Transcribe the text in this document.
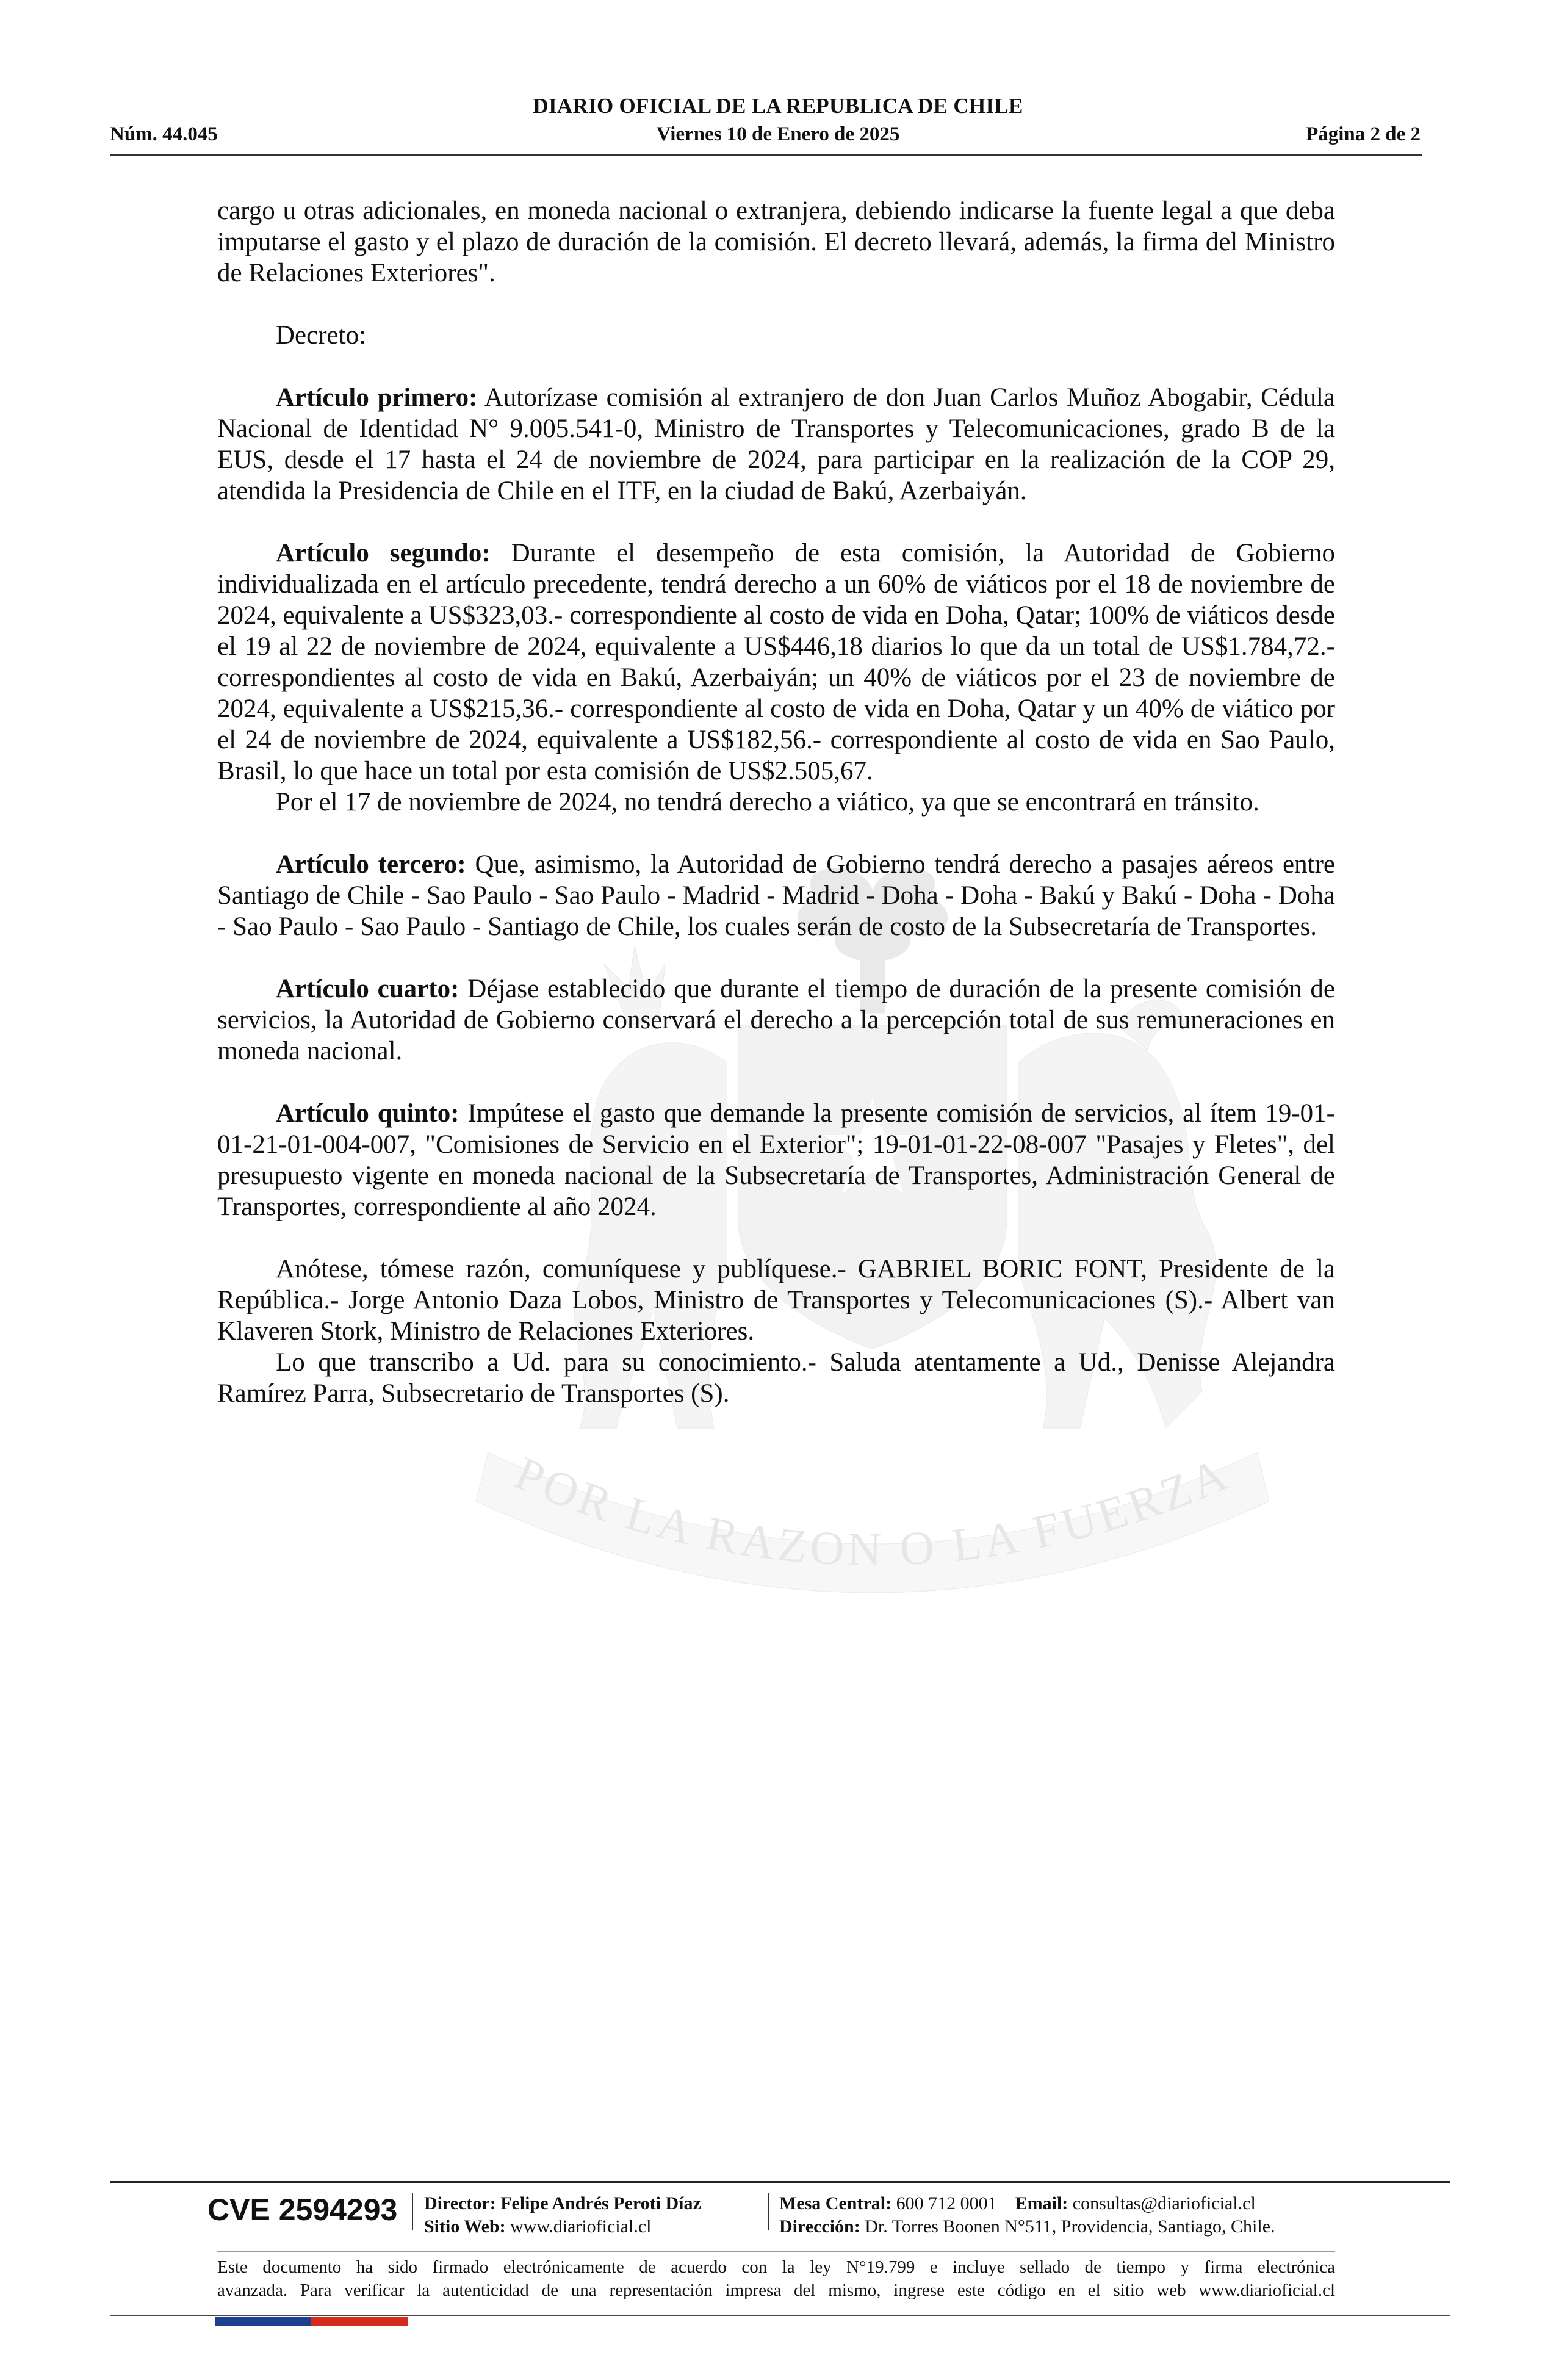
POR LA RAZON O LA FUERZA
DIARIO OFICIAL DE LA REPUBLICA DE CHILE
Núm. 44.045	Viernes 10 de Enero de 2025	Página 2 de 2

cargo u otras adicionales, en moneda nacional o extranjera, debiendo indicarse la fuente legal a que deba imputarse el gasto y el plazo de duración de la comisión. El decreto llevará, además, la firma del Ministro de Relaciones Exteriores".

Decreto:

Artículo primero: Autorízase comisión al extranjero de don Juan Carlos Muñoz Abogabir, Cédula Nacional de Identidad N° 9.005.541-0, Ministro de Transportes y Telecomunicaciones, grado B de la EUS, desde el 17 hasta el 24 de noviembre de 2024, para participar en la realización de la COP 29, atendida la Presidencia de Chile en el ITF, en la ciudad de Bakú, Azerbaiyán.

Artículo segundo: Durante el desempeño de esta comisión, la Autoridad de Gobierno individualizada en el artículo precedente, tendrá derecho a un 60% de viáticos por el 18 de noviembre de 2024, equivalente a US$323,03.- correspondiente al costo de vida en Doha, Qatar; 100% de viáticos desde el 19 al 22 de noviembre de 2024, equivalente a US$446,18 diarios lo que da un total de US$1.784,72.- correspondientes al costo de vida en Bakú, Azerbaiyán; un 40% de viáticos por el 23 de noviembre de 2024, equivalente a US$215,36.- correspondiente al costo de vida en Doha, Qatar y un 40% de viático por el 24 de noviembre de 2024, equivalente a US$182,56.- correspondiente al costo de vida en Sao Paulo, Brasil, lo que hace un total por esta comisión de US$2.505,67.

Por el 17 de noviembre de 2024, no tendrá derecho a viático, ya que se encontrará en tránsito.

Artículo tercero: Que, asimismo, la Autoridad de Gobierno tendrá derecho a pasajes aéreos entre Santiago de Chile - Sao Paulo - Sao Paulo - Madrid - Madrid - Doha - Doha - Bakú y Bakú - Doha - Doha - Sao Paulo - Sao Paulo - Santiago de Chile, los cuales serán de costo de la Subsecretaría de Transportes.

Artículo cuarto: Déjase establecido que durante el tiempo de duración de la presente comisión de servicios, la Autoridad de Gobierno conservará el derecho a la percepción total de sus remuneraciones en moneda nacional.

Artículo quinto: Impútese el gasto que demande la presente comisión de servicios, al ítem 19-01-01-21-01-004-007, "Comisiones de Servicio en el Exterior"; 19-01-01-22-08-007 "Pasajes y Fletes", del presupuesto vigente en moneda nacional de la Subsecretaría de Transportes, Administración General de Transportes, correspondiente al año 2024.

Anótese, tómese razón, comuníquese y publíquese.- GABRIEL BORIC FONT, Presidente de la República.- Jorge Antonio Daza Lobos, Ministro de Transportes y Telecomunicaciones (S).- Albert van Klaveren Stork, Ministro de Relaciones Exteriores.

Lo que transcribo a Ud. para su conocimiento.- Saluda atentamente a Ud., Denisse Alejandra Ramírez Parra, Subsecretario de Transportes (S).

CVE 2594293 Director: Felipe Andrés Peroti Díaz
Sitio Web: www.diarioficial.cl
Mesa Central: 600 712 0001 Email: consultas@diarioficial.cl
Dirección: Dr. Torres Boonen N°511, Providencia, Santiago, Chile.

Este documento ha sido firmado electrónicamente de acuerdo con la ley N°19.799 e incluye sellado de tiempo y firma electrónica

avanzada. Para verificar la autenticidad de una representación impresa del mismo, ingrese este código en el sitio web www.diarioficial.cl
